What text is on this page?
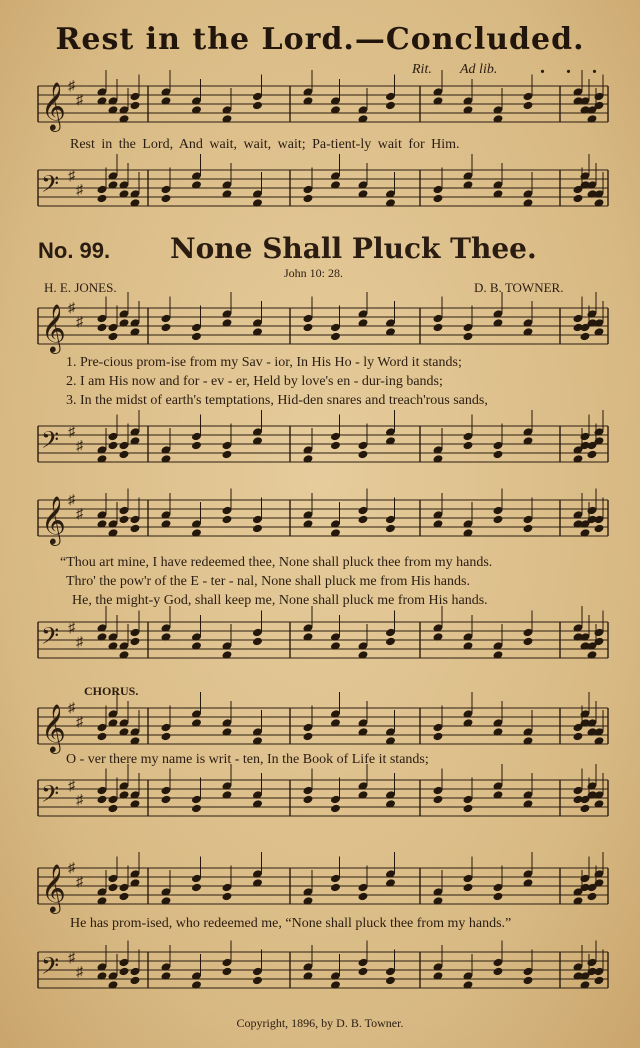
Rest in the Lord.—Concluded.
Rit. Ad lib. . . .
𝄞 ♯
♯
Rest in the Lord, And wait, wait, wait; Pa-tient-ly wait for Him.
𝄢 ♯
♯
No. 99. None Shall Pluck Thee.
John 10: 28.
H. E. JONES.	D. B. TOWNER.
𝄞 ♯
♯
1. Pre-cious prom-ise from my Sav - ior, In His Ho - ly Word it stands;
2. I am His now and for - ev - er, Held by love's en - dur-ing bands;
3. In the midst of earth's temptations, Hid-den snares and treach'rous sands,
𝄢 ♯
♯
𝄞 ♯
♯
“Thou art mine, I have redeemed thee, None shall pluck thee from my hands.
Thro' the pow'r of the E - ter - nal, None shall pluck me from His hands.
He, the might-y God, shall keep me, None shall pluck me from His hands.
𝄢 ♯
♯
CHORUS.
𝄞 ♯
♯
O - ver there my name is writ - ten, In the Book of Life it stands;
𝄢 ♯
♯
𝄞 ♯
♯
He has prom-ised, who redeemed me, “None shall pluck thee from my hands.”
𝄢 ♯
♯
Copyright, 1896, by D. B. Towner.
